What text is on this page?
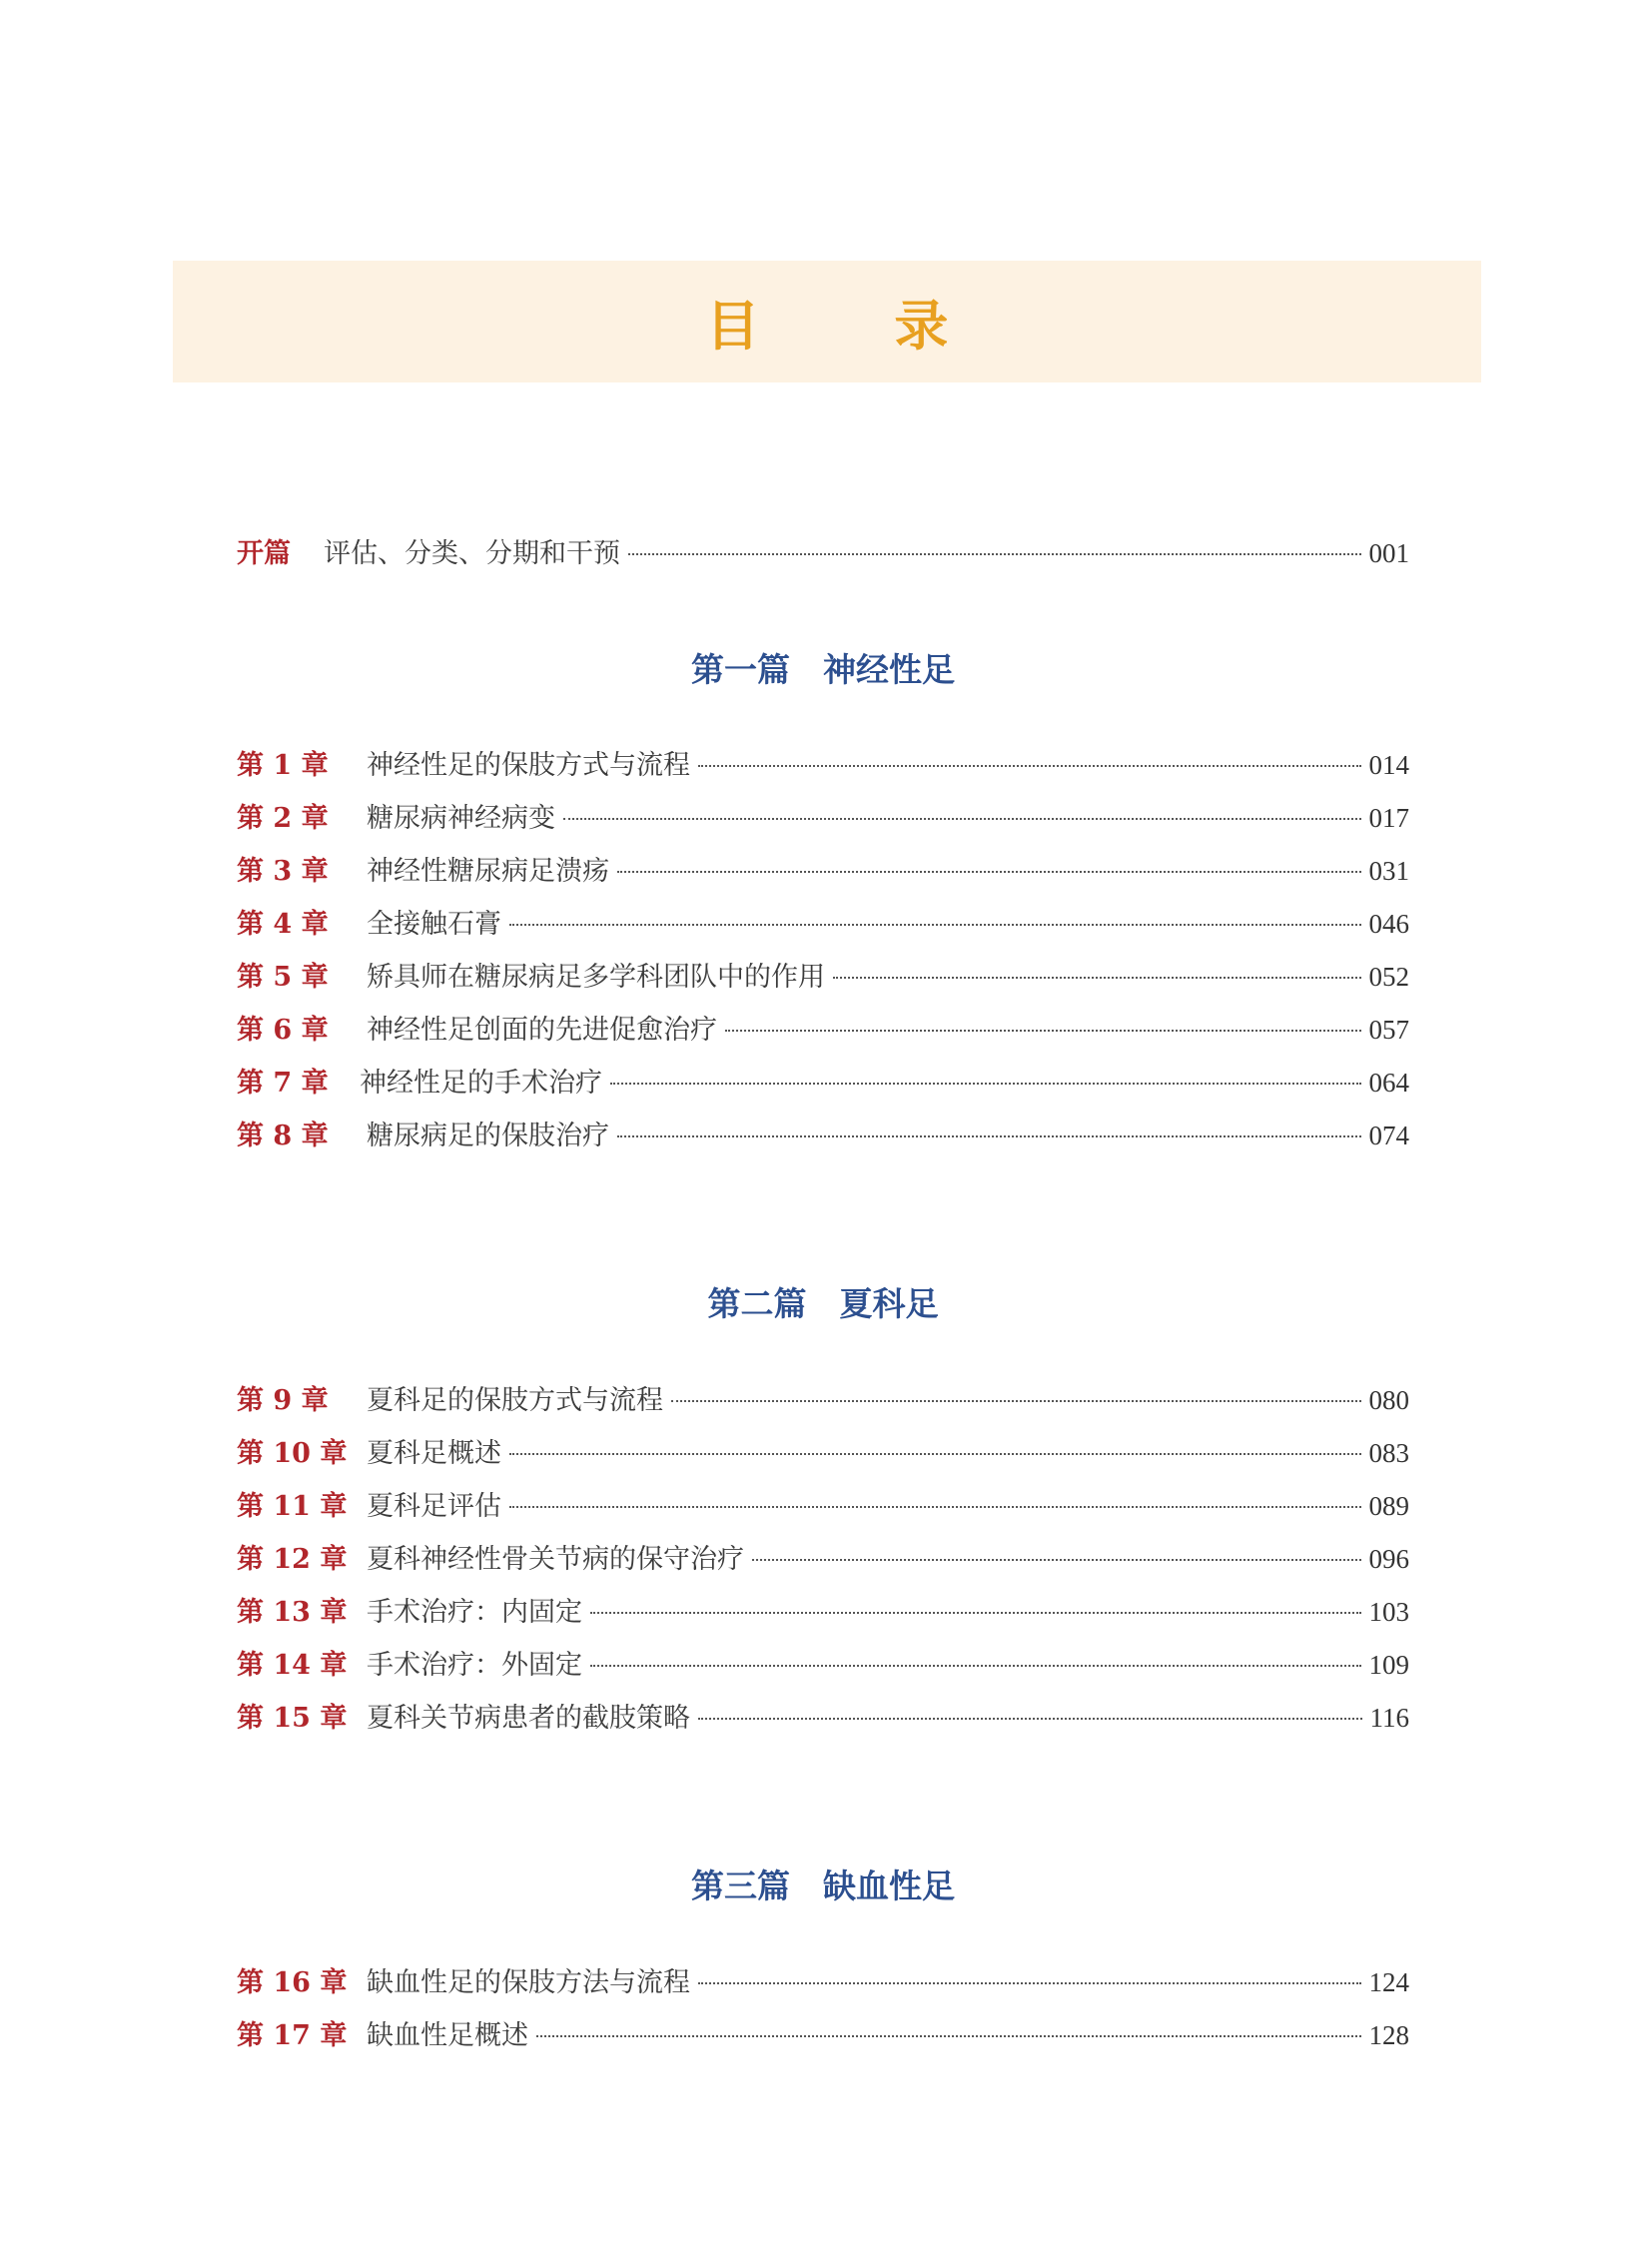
目 录
开篇	评估、分类、分期和干预	001
第一篇　神经性足
第 1 章	神经性足的保肢方式与流程	014
第 2 章	糖尿病神经病变	017
第 3 章	神经性糖尿病足溃疡	031
第 4 章	全接触石膏	046
第 5 章	矫具师在糖尿病足多学科团队中的作用	052
第 6 章	神经性足创面的先进促愈治疗	057
第 7 章	神经性足的手术治疗	064
第 8 章	糖尿病足的保肢治疗	074
第二篇　夏科足
第 9 章	夏科足的保肢方式与流程	080
第 10 章 夏科足概述	083
第 11 章 夏科足评估	089
第 12 章 夏科神经性骨关节病的保守治疗	096
第 13 章 手术治疗：内固定	103
第 14 章 手术治疗：外固定	109
第 15 章 夏科关节病患者的截肢策略	116
第三篇　缺血性足
第 16 章 缺血性足的保肢方法与流程	124
第 17 章 缺血性足概述	128
